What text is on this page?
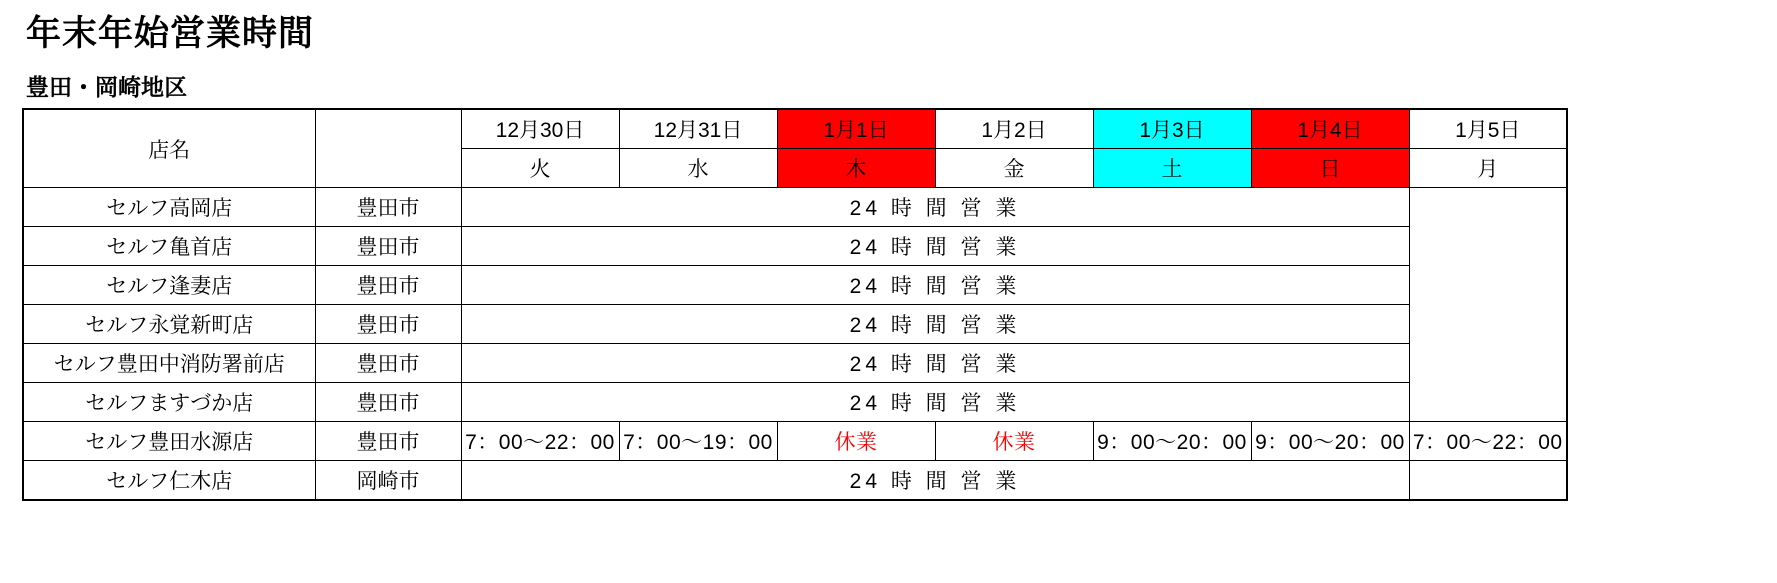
年末年始営業時間
豊田・岡崎地区
店名		12月30日	12月31日	1月1日	1月2日	1月3日	1月4日	1月5日
		火	水	木	金	土	日	月
セルフ高岡店	豊田市	24 時 間 営 業						
セルフ亀首店	豊田市	24 時 間 営 業						
セルフ逢妻店	豊田市	24 時 間 営 業						
セルフ永覚新町店	豊田市	24 時 間 営 業						
セルフ豊田中消防署前店	豊田市	24 時 間 営 業						
セルフますづか店	豊田市	24 時 間 営 業						
セルフ豊田水源店	豊田市	7：00〜22：00	7：00〜19：00	休業	休業	9：00〜20：00	9：00〜20：00	7：00〜22：00
セルフ仁木店	岡崎市	24 時 間 営 業						
